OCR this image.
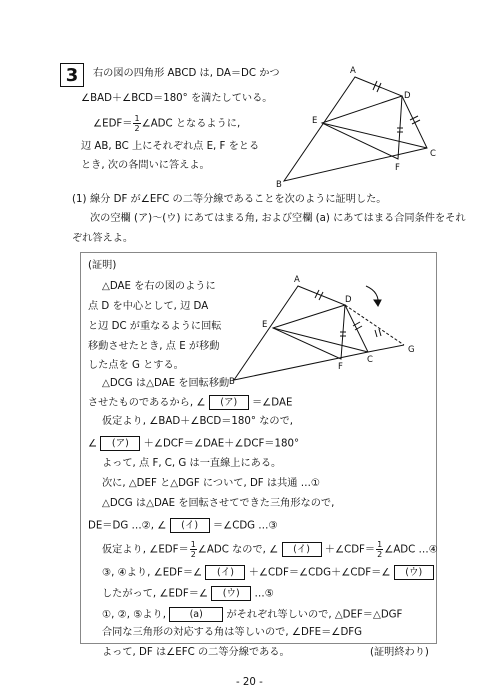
3	右の図の四角形 ABCD は, DA＝DC かつ
∠BAD＋∠BCD＝180° を満たしている。
∠EDF＝ $\frac{1}{2}$ ∠ADC となるように,
辺 AB, BC 上にそれぞれ点 E, F をとる
とき, 次の各問いに答えよ。
A
D
E
C
F
B
(1) 線分 DF が∠EFC の二等分線であることを次のように証明した。
次の空欄 (ア)～(ウ) にあてはまる角, および空欄 (a) にあてはまる合同条件をそれ
ぞれ答えよ。
(証明)
△DAE を右の図のように
点 D を中心として, 辺 DA
と辺 DC が重なるように回転
移動させたとき, 点 E が移動
した点を G とする。
△DCG は△DAE を回転移動
A
D
E
C
G
F
B
させたものであるから, ∠ (ア) ＝∠DAE
仮定より, ∠BAD＋∠BCD＝180° なので,
∠ (ア) ＋∠DCF＝∠DAE＋∠DCF＝180°
よって, 点 F, C, G は一直線上にある。
次に, △DEF と△DGF について, DF は共通 …①
△DCG は△DAE を回転させてできた三角形なので,
DE＝DG …②, ∠ (イ) ＝∠CDG …③
仮定より, ∠EDF＝ $\frac{1}{2}$ ∠ADC なので, ∠ (イ) ＋∠CDF＝ $\frac{1}{2}$ ∠ADC …④
③, ④より, ∠EDF＝∠ (イ) ＋∠CDF＝∠CDG＋∠CDF＝∠ (ウ)
したがって, ∠EDF＝∠ (ウ) …⑤
①, ②, ⑤より, (a) がそれぞれ等しいので, △DEF＝△DGF
合同な三角形の対応する角は等しいので, ∠DFE＝∠DFG
よって, DF は∠EFC の二等分線である。	(証明終わり)
- 20 -
